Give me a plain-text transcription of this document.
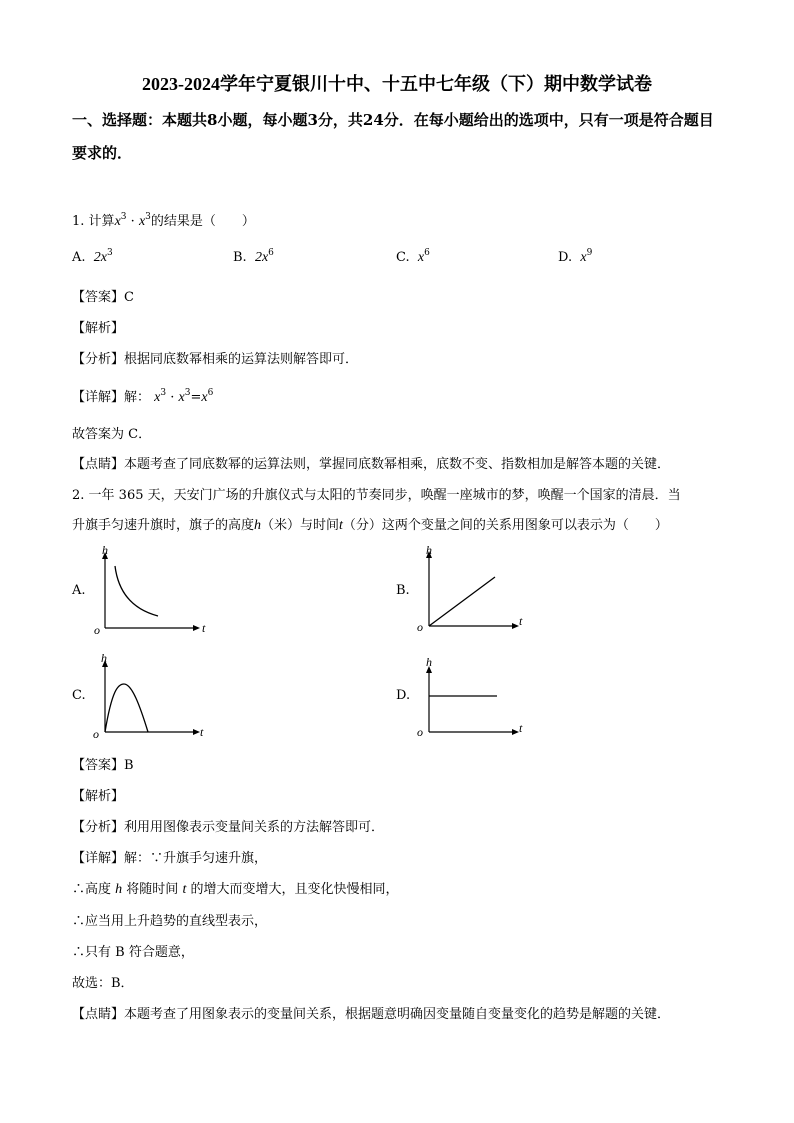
2023-2024学年宁夏银川十中、十五中七年级（下）期中数学试卷
一、选择题：本题共8小题，每小题3分，共24分．在每小题给出的选项中，只有一项是符合题目要求的．
1. 计算$x^3 \cdot x^3$的结果是（　　）
A. $2x^3$	B. $2x^6$	C. $x^6$	D. $x^9$
【答案】C
【解析】
【分析】根据同底数幂相乘的运算法则解答即可．
【详解】解： $x^3 \cdot x^3=x^6$
故答案为 C．
【点睛】本题考查了同底数幂的运算法则，掌握同底数幂相乘，底数不变、指数相加是解答本题的关键．
2. 一年 365 天，天安门广场的升旗仪式与太阳的节奏同步，唤醒一座城市的梦，唤醒一个国家的清晨．当
升旗手匀速升旗时，旗子的高度h（米）与时间t（分）这两个变量之间的关系用图象可以表示为（　　）
A.
h
t
o
B.
h
t
o
C.
h
t
o
D.
h
t
o
【答案】B
【解析】
【分析】利用用图像表示变量间关系的方法解答即可．
【详解】解：∵升旗手匀速升旗，
∴高度 h 将随时间 t 的增大而变增大，且变化快慢相同，
∴应当用上升趋势的直线型表示，
∴只有 B 符合题意，
故选：B．
【点睛】本题考查了用图象表示的变量间关系，根据题意明确因变量随自变量变化的趋势是解题的关键．
